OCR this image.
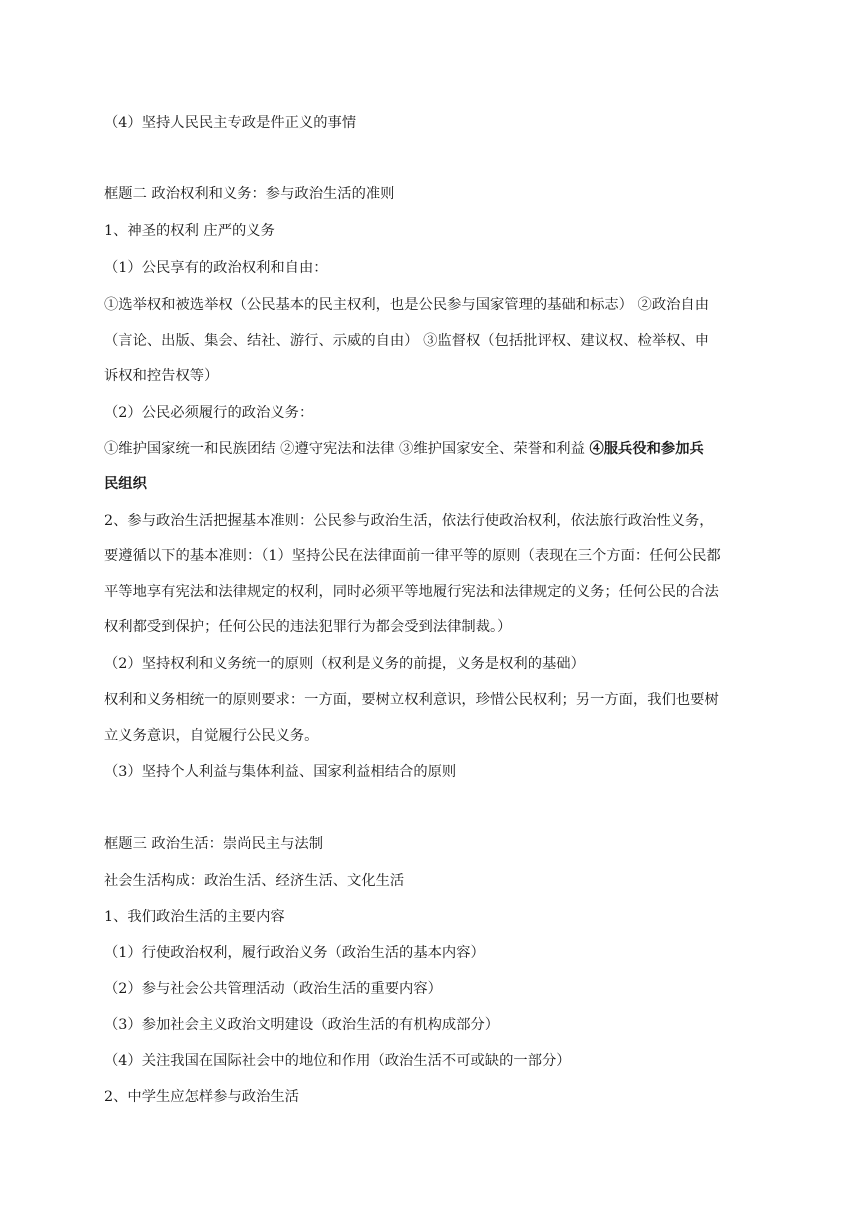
（4）坚持人民民主专政是件正义的事情
框题二 政治权利和义务：参与政治生活的准则
1、神圣的权利 庄严的义务
（1）公民享有的政治权利和自由：
①选举权和被选举权（公民基本的民主权利，也是公民参与国家管理的基础和标志） ②政治自由
（言论、出版、集会、结社、游行、示威的自由） ③监督权（包括批评权、建议权、检举权、申
诉权和控告权等）
（2）公民必须履行的政治义务：
①维护国家统一和民族团结 ②遵守宪法和法律 ③维护国家安全、荣誉和利益 ④服兵役和参加兵
民组织
2、参与政治生活把握基本准则：公民参与政治生活，依法行使政治权利，依法旅行政治性义务，
要遵循以下的基本准则：（1）坚持公民在法律面前一律平等的原则（表现在三个方面：任何公民都
平等地享有宪法和法律规定的权利，同时必须平等地履行宪法和法律规定的义务；任何公民的合法
权利都受到保护；任何公民的违法犯罪行为都会受到法律制裁。）
（2）坚持权利和义务统一的原则（权利是义务的前提，义务是权利的基础）
权利和义务相统一的原则要求：一方面，要树立权利意识，珍惜公民权利；另一方面，我们也要树
立义务意识，自觉履行公民义务。
（3）坚持个人利益与集体利益、国家利益相结合的原则
框题三 政治生活：崇尚民主与法制
社会生活构成：政治生活、经济生活、文化生活
1、我们政治生活的主要内容
（1）行使政治权利，履行政治义务（政治生活的基本内容）
（2）参与社会公共管理活动（政治生活的重要内容）
（3）参加社会主义政治文明建设（政治生活的有机构成部分）
（4）关注我国在国际社会中的地位和作用（政治生活不可或缺的一部分）
2、中学生应怎样参与政治生活
